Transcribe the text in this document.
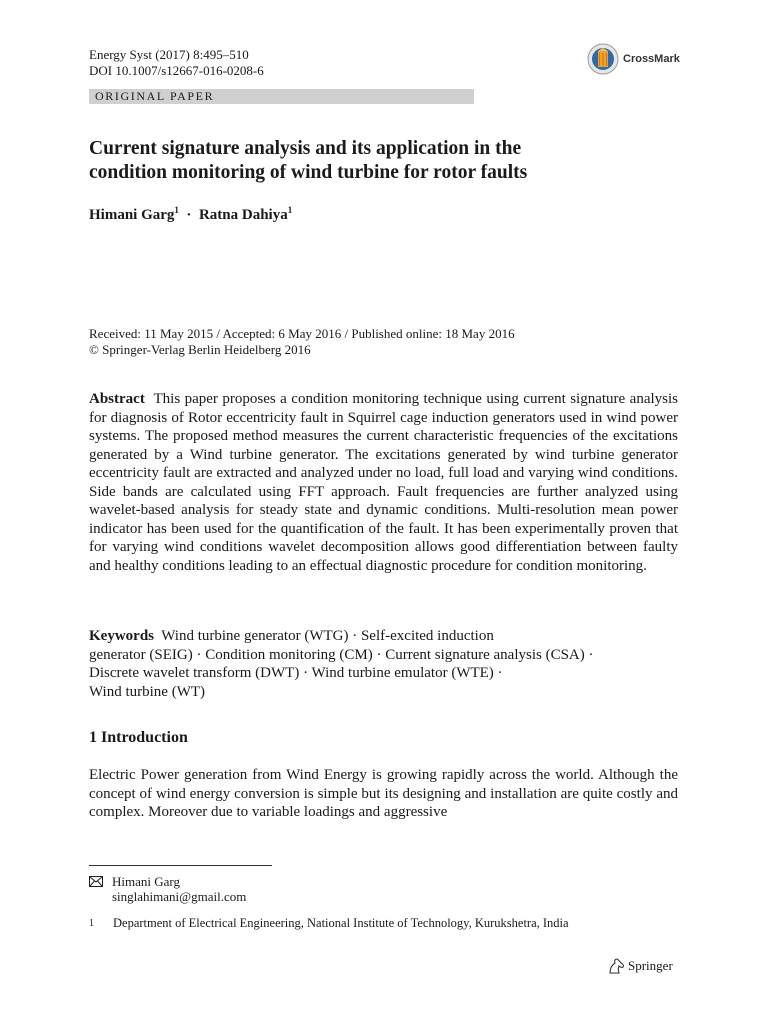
Energy Syst (2017) 8:495–510
DOI 10.1007/s12667-016-0208-6
CrossMark
ORIGINAL PAPER
Current signature analysis and its application in the
condition monitoring of wind turbine for rotor faults
Himani Garg$^1$ · Ratna Dahiya$^1$
Received: 11 May 2015 / Accepted: 6 May 2016 / Published online: 18 May 2016
© Springer-Verlag Berlin Heidelberg 2016
Abstract This paper proposes a condition monitoring technique using current signature analysis for diagnosis of Rotor eccentricity fault in Squirrel cage induction generators used in wind power systems. The proposed method measures the current characteristic frequencies of the excitations generated by a Wind turbine generator. The excitations generated by wind turbine generator eccentricity fault are extracted and analyzed under no load, full load and varying wind conditions. Side bands are calculated using FFT approach. Fault frequencies are further analyzed using wavelet-based analysis for steady state and dynamic conditions. Multi-resolution mean power indicator has been used for the quantification of the fault. It has been experimentally proven that for varying wind conditions wavelet decomposition allows good differentiation between faulty and healthy conditions leading to an effectual diagnostic procedure for condition monitoring.
Keywords Wind turbine generator (WTG) · Self-excited induction
generator (SEIG) · Condition monitoring (CM) · Current signature analysis (CSA) ·
Discrete wavelet transform (DWT) · Wind turbine emulator (WTE) ·
Wind turbine (WT)
1 Introduction
Electric Power generation from Wind Energy is growing rapidly across the world. Although the concept of wind energy conversion is simple but its designing and installation are quite costly and complex. Moreover due to variable loadings and aggressive
Himani Garg
singlahimani@gmail.com
1	Department of Electrical Engineering, National Institute of Technology, Kurukshetra, India
Springer
